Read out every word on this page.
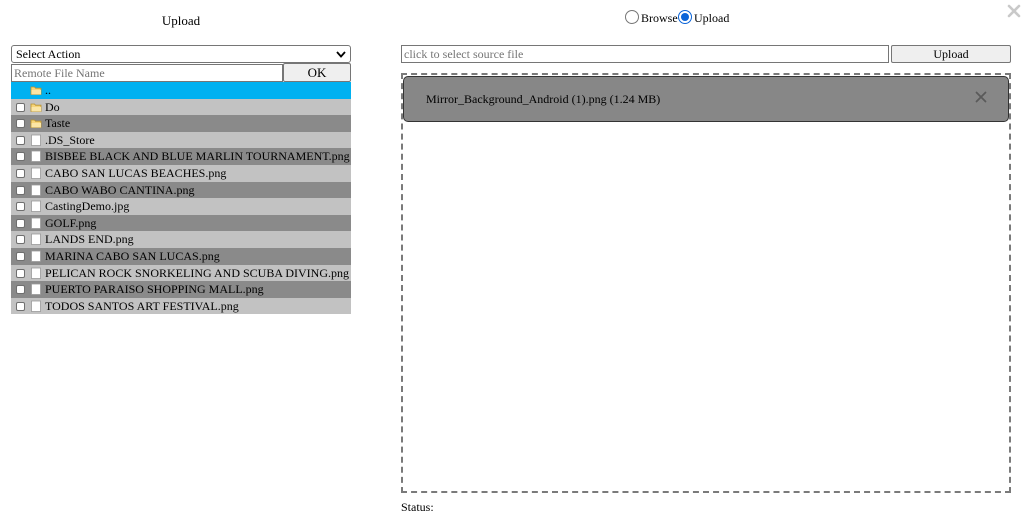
Upload
Select Action
Remote File Name
OK
..
Do
Taste
.DS_Store
BISBEE BLACK AND BLUE MARLIN TOURNAMENT.png
CABO SAN LUCAS BEACHES.png
CABO WABO CANTINA.png
CastingDemo.jpg
GOLF.png
LANDS END.png
MARINA CABO SAN LUCAS.png
PELICAN ROCK SNORKELING AND SCUBA DIVING.png
PUERTO PARAISO SHOPPING MALL.png
TODOS SANTOS ART FESTIVAL.png
Browse Upload
click to select source file
Upload
Mirror_Background_Android (1).png (1.24 MB)
Status:
